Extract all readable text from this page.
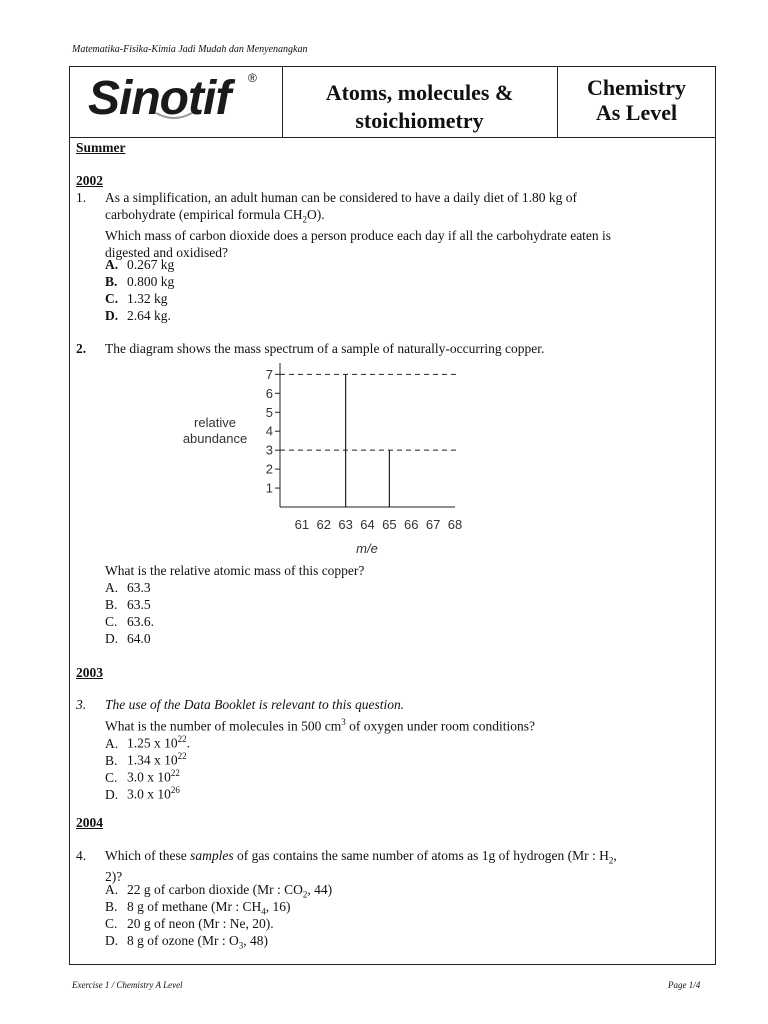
Matematika-Fisika-Kimia Jadi Mudah dan Menyenangkan
Sinotif ®
Atoms, molecules &
stoichiometry
Chemistry
As Level
Summer
2002
1. As a simplification, an adult human can be considered to have a daily diet of 1.80 kg of
carbohydrate (empirical formula $CH_2O$).
Which mass of carbon dioxide does a person produce each day if all the carbohydrate eaten is
digested and oxidised?
A. 0.267 kg
B. 0.800 kg
C. 1.32 kg
D. 2.64 kg.
2. The diagram shows the mass spectrum of a sample of naturally-occurring copper.
What is the relative atomic mass of this copper?
A. 63.3
B. 63.5
C. 63.6.
D. 64.0
2003
3. The use of the Data Booklet is relevant to this question.
What is the number of molecules in 500 $cm^3$ of oxygen under room conditions?
A. 1.25 x $10^{22}$.
B. 1.34 x $10^{22}$
C. 3.0 x $10^{22}$
D. 3.0 x $10^{26}$
2004
4. Which of these samples of gas contains the same number of atoms as 1g of hydrogen (Mr : $H_2$,
2)?
A. 22 g of carbon dioxide (Mr : $CO_2$, 44)
B. 8 g of methane (Mr : $CH_4$, 16)
C. 20 g of neon (Mr : Ne, 20).
D. 8 g of ozone (Mr : $O_3$, 48)
1
2
3
4
5
6
7
61 62 63 64 65 66 67 68
relative
abundance
m/e
Exercise 1 / Chemistry A Level	Page 1/4
